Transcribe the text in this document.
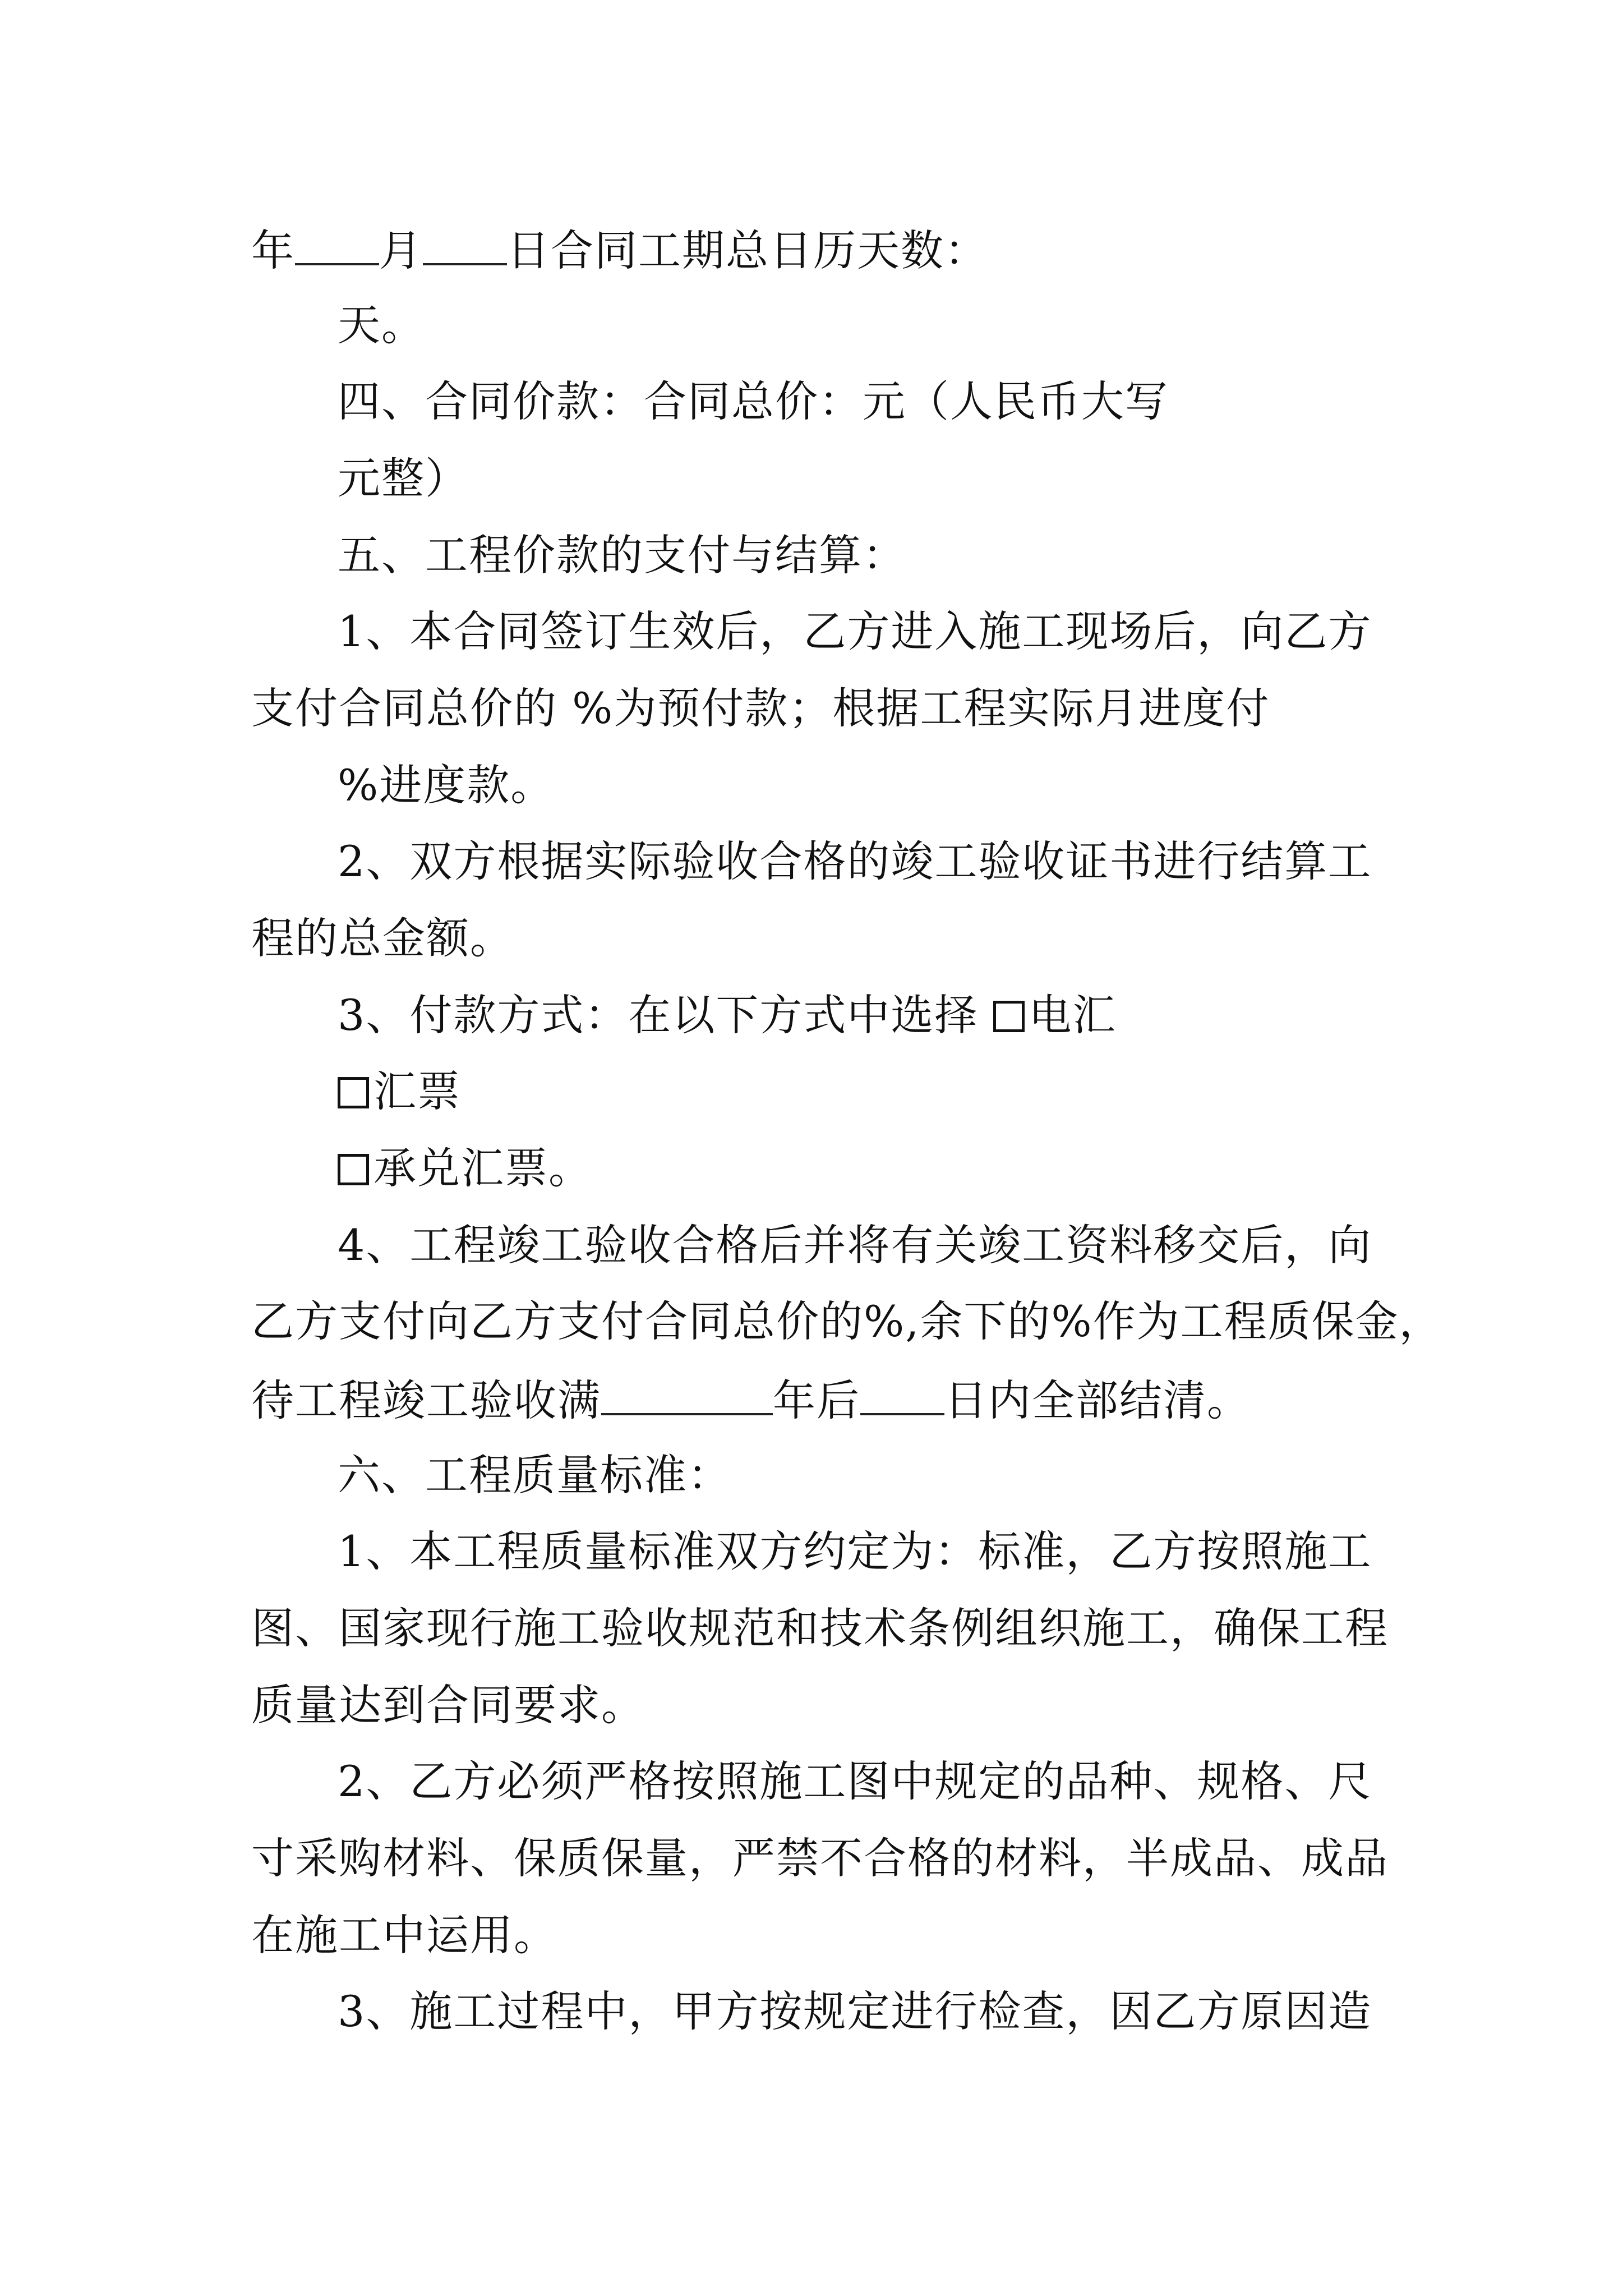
年 月 日合同工期总日历天数：
天。
四、合同价款：合同总价：元（人民币大写
元整）
五、工程价款的支付与结算：
1、本合同签订生效后，乙方进入施工现场后，向乙方
支付合同总价的 %为预付款；根据工程实际月进度付
%进度款。
2、双方根据实际验收合格的竣工验收证书进行结算工
程的总金额。
3、付款方式：在以下方式中选择 电汇
汇票
承兑汇票。
4、工程竣工验收合格后并将有关竣工资料移交后，向
乙方支付向乙方支付合同总价的%,余下的%作为工程质保金，
待工程竣工验收满	年后 日内全部结清。
六、工程质量标准：
1、本工程质量标准双方约定为：标准，乙方按照施工
图、国家现行施工验收规范和技术条例组织施工，确保工程
质量达到合同要求。
2、乙方必须严格按照施工图中规定的品种、规格、尺
寸采购材料、保质保量，严禁不合格的材料，半成品、成品
在施工中运用。
3、施工过程中，甲方按规定进行检查，因乙方原因造
